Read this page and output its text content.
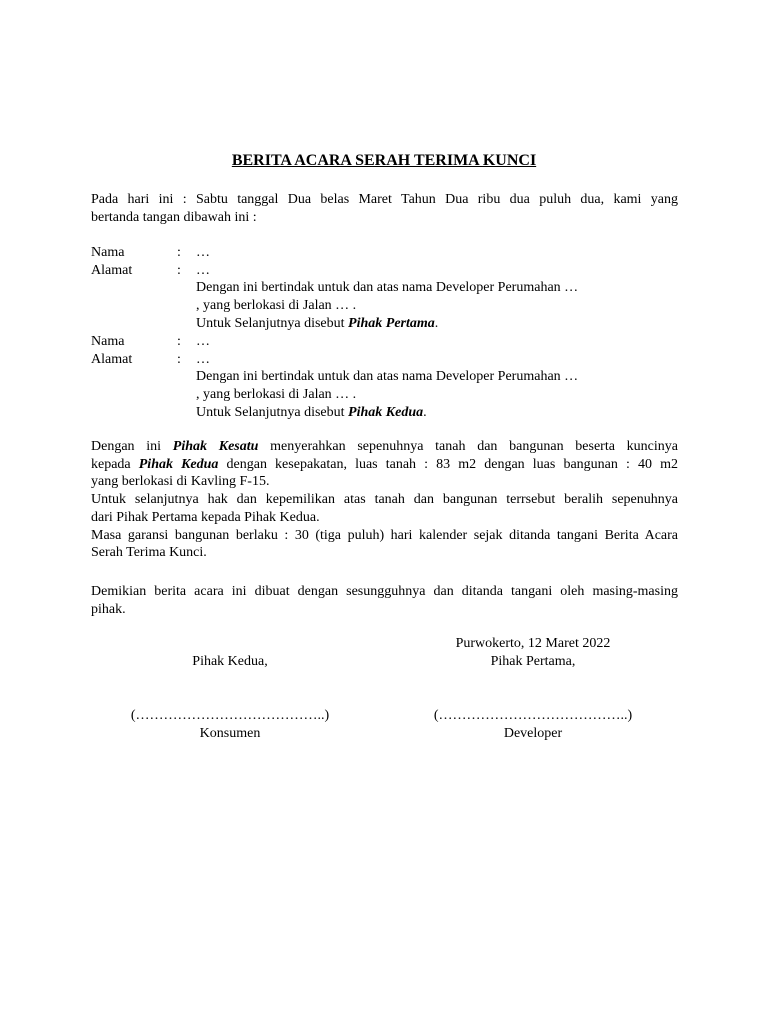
BERITA ACARA SERAH TERIMA KUNCI
Pada hari ini : Sabtu tanggal Dua belas Maret Tahun Dua ribu dua puluh dua, kami yang
bertanda tangan dibawah ini :
Nama	: …
Alamat	: …
Dengan ini bertindak untuk dan atas nama Developer Perumahan …
, yang berlokasi di Jalan … .
Untuk Selanjutnya disebut Pihak Pertama.
Nama	: …
Alamat	: …
Dengan ini bertindak untuk dan atas nama Developer Perumahan …
, yang berlokasi di Jalan … .
Untuk Selanjutnya disebut Pihak Kedua.
Dengan ini Pihak Kesatu menyerahkan sepenuhnya tanah dan bangunan beserta kuncinya
kepada Pihak Kedua dengan kesepakatan, luas tanah : 83 m2 dengan luas bangunan : 40 m2
yang berlokasi di Kavling F-15.
Untuk selanjutnya hak dan kepemilikan atas tanah dan bangunan terrsebut beralih sepenuhnya
dari Pihak Pertama kepada Pihak Kedua.
Masa garansi bangunan berlaku : 30 (tiga puluh) hari kalender sejak ditanda tangani Berita Acara
Serah Terima Kunci.
Demikian berita acara ini dibuat dengan sesungguhnya dan ditanda tangani oleh masing-masing
pihak.
Purwokerto, 12 Maret 2022
Pihak Kedua,	Pihak Pertama,
(…………………………………..)	(…………………………………..)
Konsumen	Developer
